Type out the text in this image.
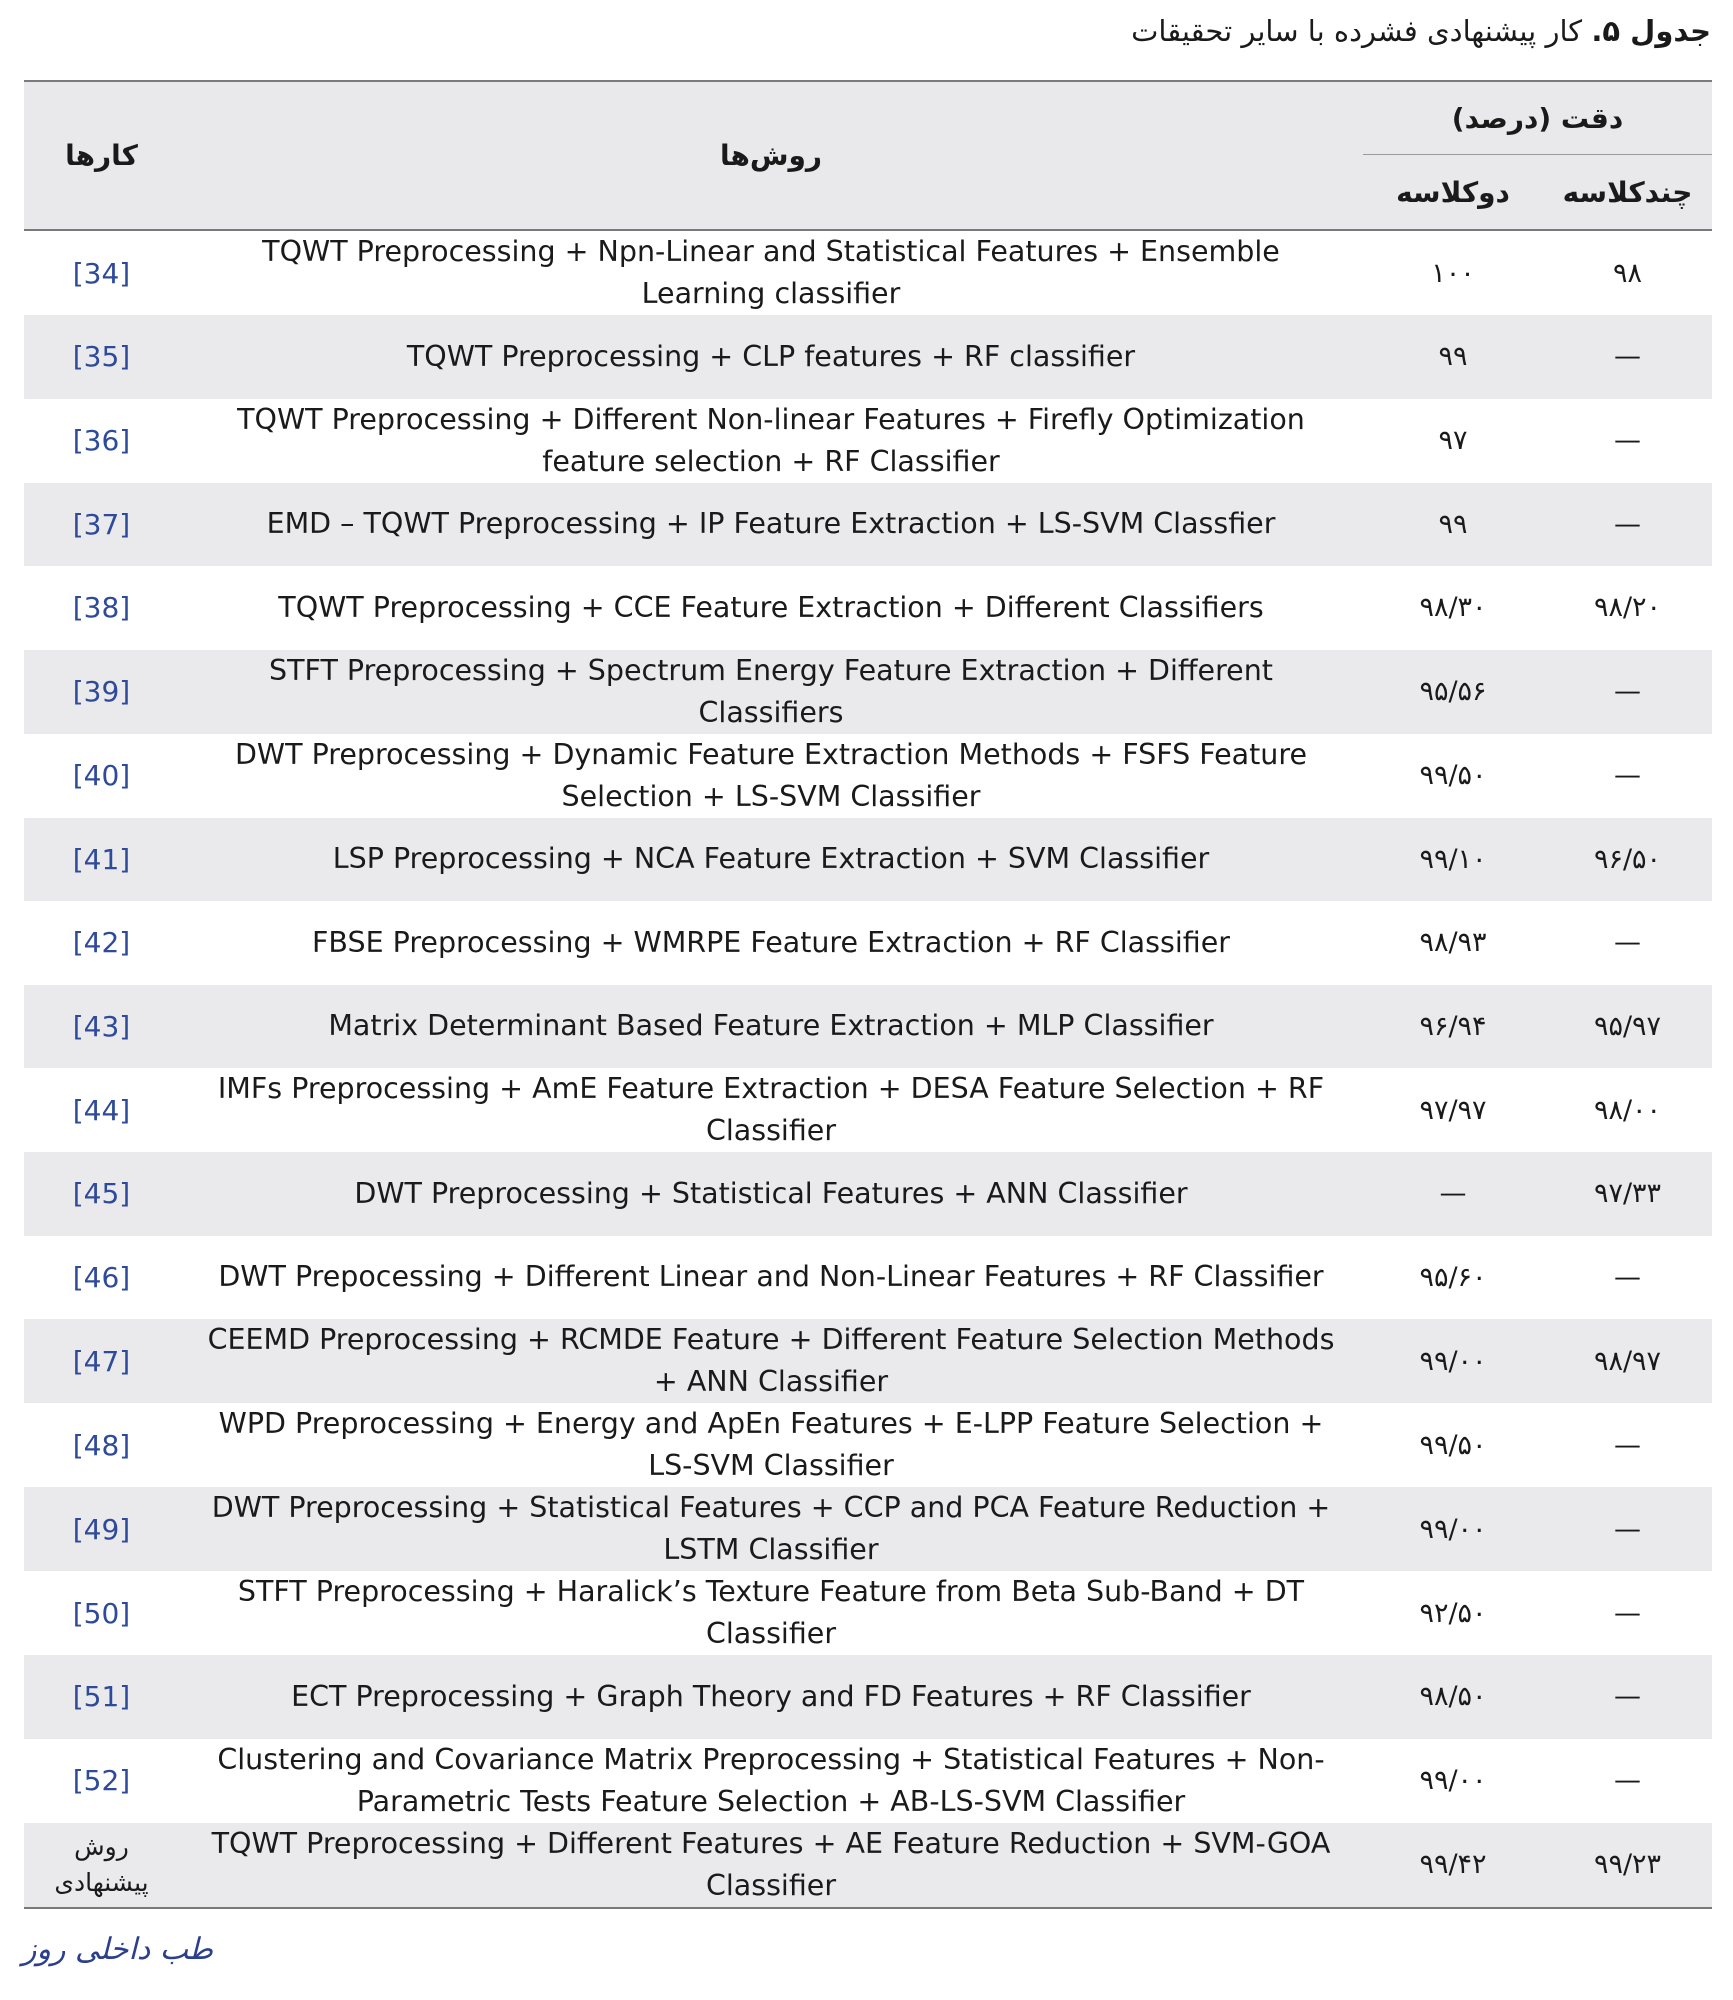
جدول ۵. کار پیشنهادی فشرده با سایر تحقیقات
کارها	روش‌ها	دقت (درصد)	
		دوکلاسه	چندکلاسه
[34]	TQWT Preprocessing + Npn-Linear and Statistical Features + Ensemble Learning classifier	۱۰۰	۹۸
[35]	TQWT Preprocessing + CLP features + RF classifier	۹۹	—
[36]	TQWT Preprocessing + Different Non-linear Features + Firefly Optimization feature selection + RF Classifier	۹۷	—
[37]	EMD – TQWT Preprocessing + IP Feature Extraction + LS-SVM Classfier	۹۹	—
[38]	TQWT Preprocessing + CCE Feature Extraction + Different Classifiers	۹۸/۳۰	۹۸/۲۰
[39]	STFT Preprocessing + Spectrum Energy Feature Extraction + Different Classifiers	۹۵/۵۶	—
[40]	DWT Preprocessing + Dynamic Feature Extraction Methods + FSFS Feature Selection + LS-SVM Classifier	۹۹/۵۰	—
[41]	LSP Preprocessing + NCA Feature Extraction + SVM Classifier	۹۹/۱۰	۹۶/۵۰
[42]	FBSE Preprocessing + WMRPE Feature Extraction + RF Classifier	۹۸/۹۳	—
[43]	Matrix Determinant Based Feature Extraction + MLP Classifier	۹۶/۹۴	۹۵/۹۷
[44]	IMFs Preprocessing + AmE Feature Extraction + DESA Feature Selection + RF Classifier	۹۷/۹۷	۹۸/۰۰
[45]	DWT Preprocessing + Statistical Features + ANN Classifier	—	۹۷/۳۳
[46]	DWT Prepocessing + Different Linear and Non-Linear Features + RF Classifier	۹۵/۶۰	—
[47]	CEEMD Preprocessing + RCMDE Feature + Different Feature Selection Methods + ANN Classifier	۹۹/۰۰	۹۸/۹۷
[48]	WPD Preprocessing + Energy and ApEn Features + E-LPP Feature Selection + LS-SVM Classifier	۹۹/۵۰	—
[49]	DWT Preprocessing + Statistical Features + CCP and PCA Feature Reduction + LSTM Classifier	۹۹/۰۰	—
[50]	STFT Preprocessing + Haralick’s Texture Feature from Beta Sub-Band + DT Classifier	۹۲/۵۰	—
[51]	ECT Preprocessing + Graph Theory and FD Features + RF Classifier	۹۸/۵۰	—
[52]	Clustering and Covariance Matrix Preprocessing + Statistical Features + Non-Parametric Tests Feature Selection + AB-LS-SVM Classifier	۹۹/۰۰	—
روش پیشنهادی	TQWT Preprocessing + Different Features + AE Feature Reduction + SVM-GOA Classifier	۹۹/۴۲	۹۹/۲۳
طب داخلی روز
